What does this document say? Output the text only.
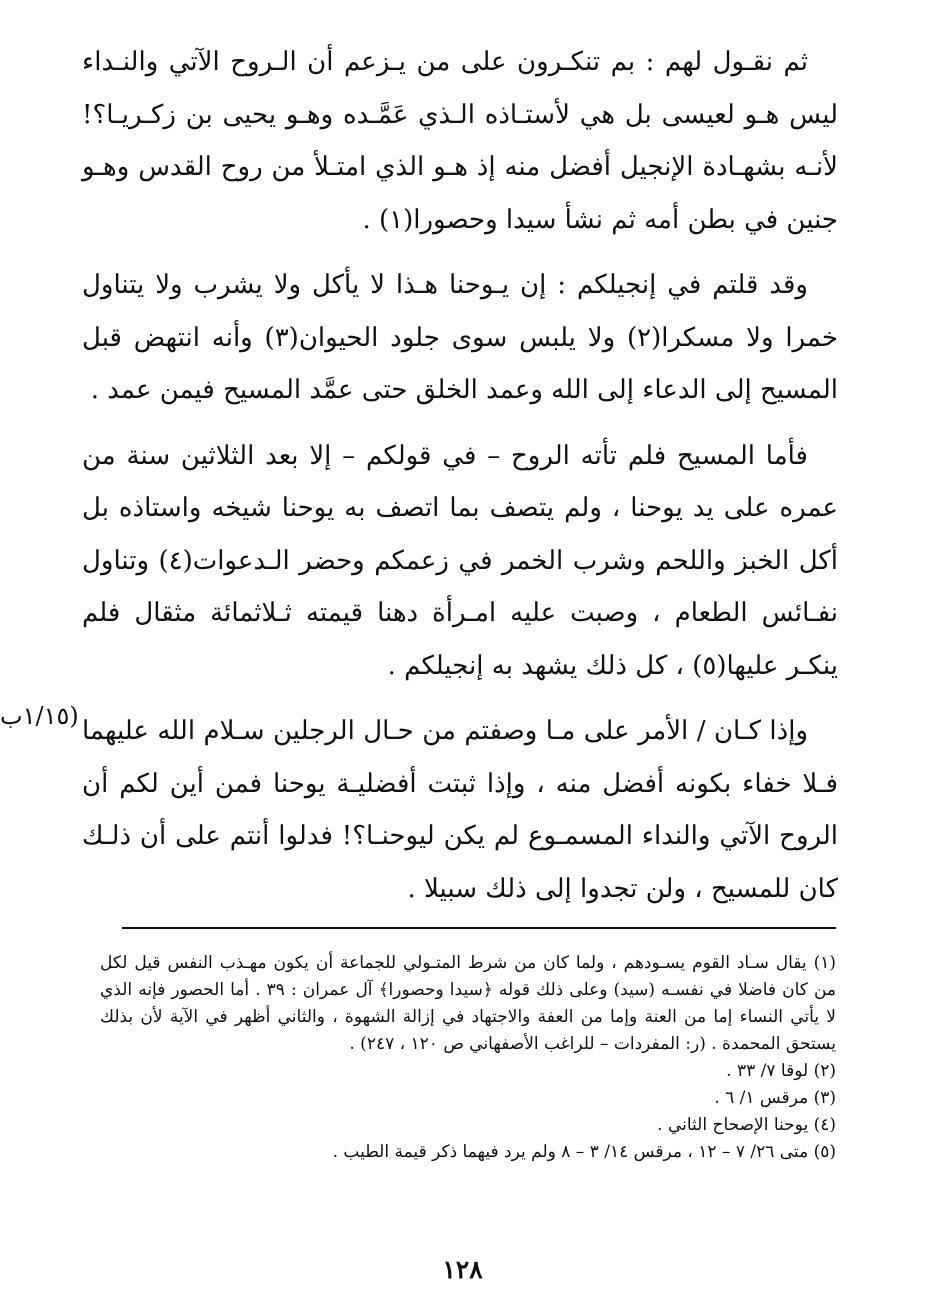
ثم نقـول لهم : بم تنكـرون على من يـزعم أن الـروح الآتي والنـداء ليس هـو لعيسى بل هي لأستـاذه الـذي عَمَّـده وهـو يحيى بن زكـريـا؟! لأنـه بشهـادة الإنجيل أفضل منه إذ هـو الذي امتـلأ من روح القدس وهـو جنين في بطن أمه ثم نشأ سيدا وحصورا(١) .

وقد قلتم في إنجيلكم : إن يـوحنا هـذا لا يأكل ولا يشرب ولا يتناول خمرا ولا مسكرا(٢) ولا يلبس سوى جلود الحيوان(٣) وأنه انتهض قبل المسيح إلى الدعاء إلى الله وعمد الخلق حتى عمَّد المسيح فيمن عمد .

فأما المسيح فلم تأته الروح – في قولكم – إلا بعد الثلاثين سنة من عمره على يد يوحنا ، ولم يتصف بما اتصف به يوحنا شيخه واستاذه بل أكل الخبز واللحم وشرب الخمر في زعمكم وحضر الـدعوات(٤) وتناول نفـائس الطعام ، وصبت عليه امـرأة دهنا قيمته ثـلاثمائة مثقال فلم ينكـر عليها(٥) ، كل ذلك يشهد به إنجيلكم .

وإذا كـان / الأمر على مـا وصفتم من حـال الرجلين سـلام الله عليهما فـلا خفاء بكونه أفضل منه ، وإذا ثبتت أفضليـة يوحنا فمن أين لكم أن الروح الآتي والنداء المسمـوع لم يكن ليوحنـا؟! فدلوا أنتم على أن ذلـك كان للمسيح ، ولن تجدوا إلى ذلك سبيلا .

(١/١٥ب

(١) يقال سـاد القوم يسـودهم ، ولما كان من شرط المتـولي للجماعة أن يكون مهـذب النفس قيل لكل من كان فاضلا في نفسـه (سيد) وعلى ذلك قوله ﴿سيدا وحصورا﴾ آل عمران : ٣٩ . أما الحصور فإنه الذي لا يأتي النساء إما من العنة وإما من العفة والاجتهاد في إزالة الشهوة ، والثاني أظهر في الآية لأن بذلك يستحق المحمدة . (ر: المفردات – للراغب الأصفهاني ص ١٢٠ ، ٢٤٧) .

(٢) لوقا ٧/ ٣٣ .

(٣) مرقس ١/ ٦ .

(٤) يوحنا الإصحاح الثاني .

(٥) متى ٢٦/ ٧ – ١٢ ، مرقس ١٤/ ٣ – ٨ ولم يرد فيهما ذكر قيمة الطيب .

١٢٨
